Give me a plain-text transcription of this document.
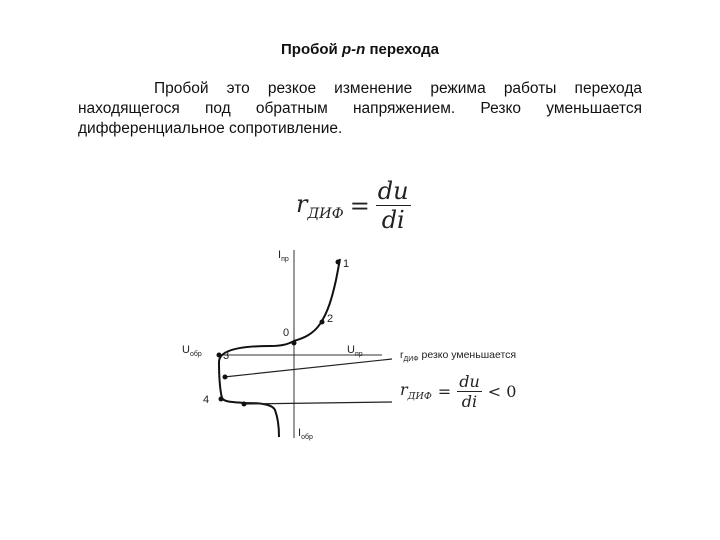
Пробой p-n перехода

Пробой это резкое изменение режима работы перехода находящегося под обратным напряжением. Резко уменьшается дифференциальное сопротивление.

$r_{ДИФ} = \frac{du}{di}$
$I_{пр}$	1
2
0
$U_{пр}$
$U_{обр}$ 3
4
$I_{обр}$
$r_{ДИФ}$ резко уменьшается
$r_{ДИФ} = \frac{du}{di} < 0$
